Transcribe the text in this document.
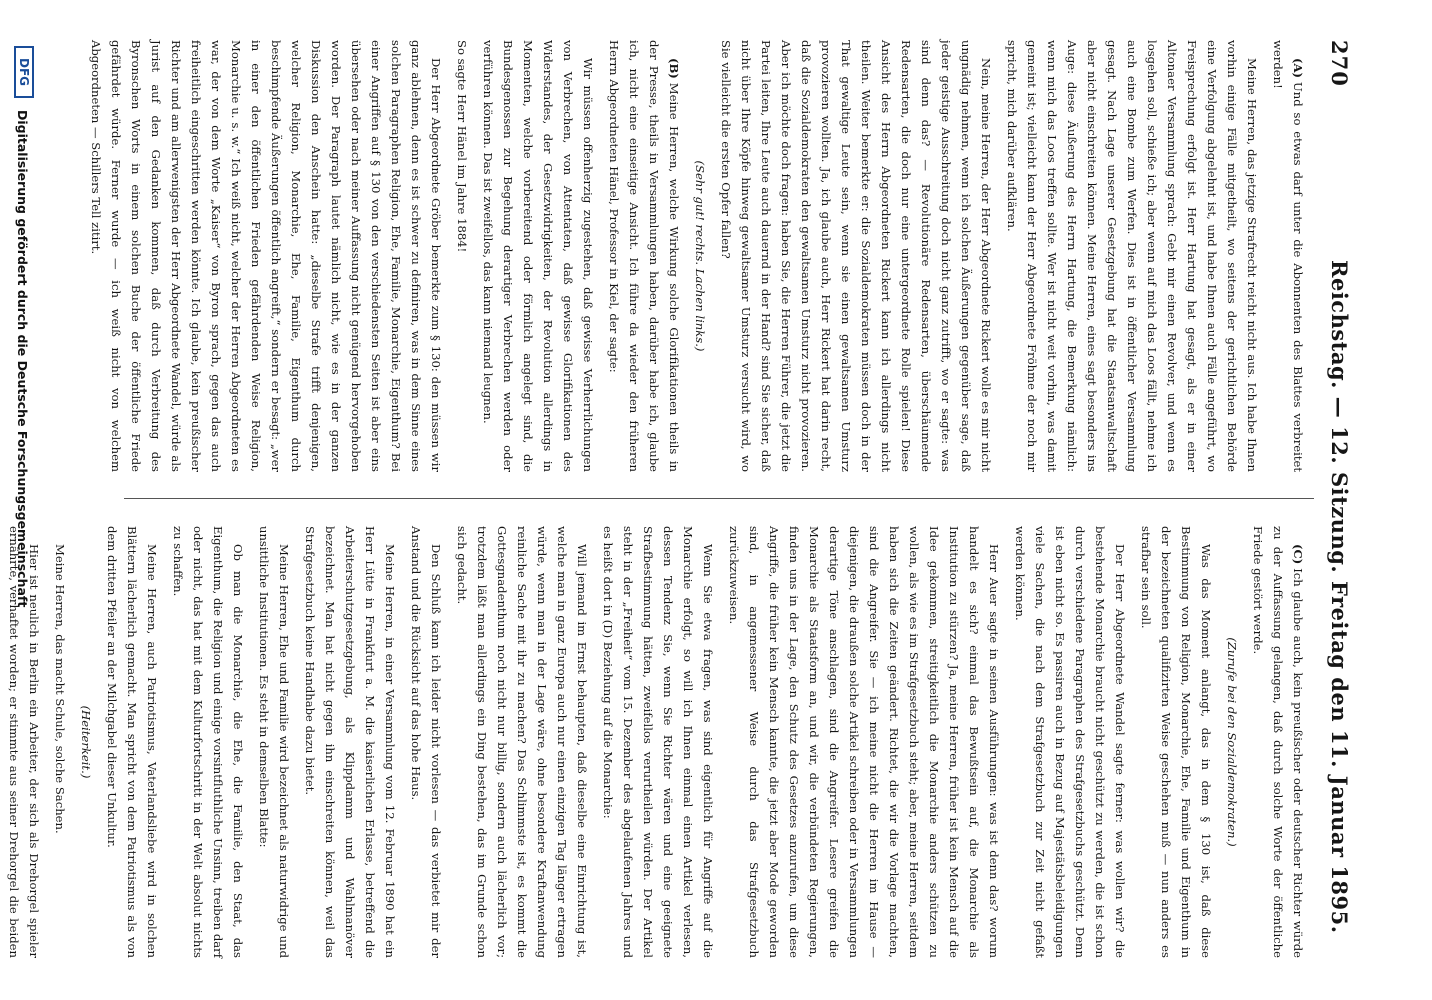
270
Reichstag. — 12. Sitzung. Freitag den 11. Januar 1895.

(A)Und so etwas darf unter die Abonnenten des Blattes verbreitet werden!

Meine Herren, das jetzige Strafrecht reicht nicht aus. Ich habe Ihnen vorhin einige Fälle mitgetheilt, wo seitens der gerichtlichen Behörde eine Verfolgung abgelehnt ist, und habe Ihnen auch Fälle angeführt, wo Freisprechung erfolgt ist. Herr Hartung hat gesagt, als er in einer Altonaer Versammlung sprach: Gebt mir einen Revolver, und wenn es losgehen soll, schieße ich; aber wenn auf mich das Loos fällt, nehme ich auch eine Bombe zum Werfen. Dies ist in öffentlicher Versammlung gesagt. Nach Lage unserer Gesetzgebung hat die Staatsanwaltschaft aber nicht einschreiten können. Meine Herren, eines sagt besonders ins Auge: diese Äußerung des Herrn Hartung, die Bemerkung nämlich: wenn mich das Loos treffen sollte. Wer ist nicht weit vorhin, was damit gemeint ist; vielleicht kann der Herr Abgeordnete Fröhme der noch mir spricht, mich darüber aufklären.

Nein, meine Herren, der Herr Abgeordnete Rickert wolle es mir nicht ungnädig nehmen, wenn ich solchen Äußerungen gegenüber sage, daß jeder geistige Ausschreitung doch nicht ganz zutrifft, wo er sagte: was sind denn das? — Revolutionäre Redensarten, überschäumende Redensarten, die doch nur eine untergeordnete Rolle spielen! Diese Ansicht des Herrn Abgeordneten Rickert kann ich allerdings nicht theilen. Weiter bemerkte er: die Sozialdemokraten müssen doch in der That gewaltige Leute sein, wenn sie einen gewaltsamen Umsturz provozieren wollten. Ja, ich glaube auch, Herr Rickert hat darin recht, daß die Sozialdemokraten den gewaltsamen Umsturz nicht provozieren. Aber ich möchte doch fragen: haben Sie, die Herren Führer, die jetzt die Partei leiten, Ihre Leute auch dauernd in der Hand? sind Sie sicher, daß nicht über Ihre Köpfe hinweg gewaltsamer Umsturz versucht wird, wo Sie vielleicht die ersten Opfer fallen?

(Sehr gut! rechts. Lachen links.)

(B)Meine Herren, welche Wirkung solche Glorifikationen theils in der Presse, theils in Versammlungen haben, darüber habe ich, glaube ich, nicht eine einseitige Ansicht. Ich führe da wieder den früheren Herrn Abgeordneten Hänel, Professor in Kiel, der sagte:

Wir müssen offenherzig zugestehen, daß gewisse Verherrlichungen von Verbrechen, von Attentaten, daß gewisse Glorifikationen des Widerstandes, der Gesetzwidrigkeiten, der Revolution allerdings in Momenten, welche vorbereitend oder förmlich angelegt sind, die Bundesgenossen zur Begehung derartiger Verbrechen werden oder verführen können. Das ist zweifellos, das kann niemand leugnen.

So sagte Herr Hänel im Jahre 1884!

Der Herr Abgeordnete Gröber bemerkte zum § 130: den müssen wir ganz ablehnen, denn es ist schwer zu definiren, was in dem Sinne eines solchen Paragraphen Religion, Ehe, Familie, Monarchie, Eigenthum? Bei einer Angriffen auf § 130 von den verschiedensten Seiten ist aber eins übersehen oder nach meiner Auffassung nicht genügend hervorgehoben worden. Der Paragraph lautet nämlich nicht, wie es in der ganzen Diskussion den Anschein hatte: „dieselbe Strafe trifft denjenigen, welcher Religion, Monarchie, Ehe, Familie, Eigenthum durch beschimpfende Äußerungen öffentlich angreift,“ sondern er besagt: „wer in einer den öffentlichen Frieden gefährdenden Weise Religion, Monarchie u. s. w.“ Ich weiß nicht, welcher der Herren Abgeordneten es war, der von dem Worte „Kaiser“ von Byron sprach, gegen das auch freiheitlich eingeschritten werden könnte. Ich glaube, kein preußischer Richter und am allerwenigsten der Herr Abgeordnete Wandel, würde als Jurist auf den Gedanken kommen, daß durch Verbreitung des Byronschen Worts in einem solchen Buche der öffentliche Friede gefährdet würde. Ferner wurde — ich weiß nicht von welchem Abgeordneten — Schillers Tell zitirt.

(C)Ich glaube auch, kein preußischer oder deutscher Richter würde zu der Auffassung gelangen, daß durch solche Worte der öffentliche Friede gestört werde.

(Zurufe bei den Sozialdemokraten.)

Was das Moment anlangt, das in dem § 130 ist, daß diese Bestimmung von Religion, Monarchie, Ehe, Familie und Eigenthum in der bezeichneten qualifizirten Weise geschehen muß — nun anders es strafbar sein soll.

Der Herr Abgeordnete Wandel sagte ferner: was wollen wir? die bestehende Monarchie braucht nicht geschützt zu werden, die ist schon durch verschiedene Paragraphen des Strafgesetzbuchs geschützt. Denn ist eben nicht so. Es passiren auch in Bezug auf Majestätsbeleidigungen viele Sachen, die nach dem Strafgesetzbuch zur Zeit nicht gefaßt werden können.

Herr Auer sagte in seinen Ausführungen: was ist denn das? worum handelt es sich? einmal das Bewußtsein auf, die Monarchie als Institution zu stürzen? Ja, meine Herren, früher ist kein Mensch auf die Idee gekommen, streitigkeitlich die Monarchie anders schützen zu wollen, als wie es im Strafgesetzbuch steht; aber, meine Herren, seitdem haben sich die Zeiten geändert. Richtet, die wir die Vorlage machten, sind die Angreifer. Sie — ich meine nicht die Herren im Hause — diejenigen, die draußen solche Artikel schreiben oder in Versammlungen derartige Töne anschlagen, sind die Angreifer. Lesere greifen die Monarchie als Staatsform an, und wir, die verbündeten Regierungen, finden uns in der Lage, den Schutz des Gesetzes anzurufen, um diese Angriffe, die früher kein Mensch kannte, die jetzt aber Mode geworden sind, in angemessener Weise durch das Strafgesetzbuch zurückzuweisen.

Wenn Sie etwa fragen, was sind eigentlich für Angriffe auf die Monarchie erfolgt, so will ich Ihnen einmal einen Artikel verlesen, dessen Tendenz Sie, wenn Sie Richter wären und eine geeignete Strafbestimmung hätten, zweifellos verurtheilen würden. Der Artikel steht in der „Freiheit“ vom 15. Dezember des abgelaufenen Jahres und es heißt dort in (D) Beziehung auf die Monarchie:

Will jemand im Ernst behaupten, daß dieselbe eine Einrichtung ist, welche man in ganz Europa auch nur einen einzigen Tag länger ertragen würde, wenn man in der Lage wäre, ohne besondere Kraftanwendung reinliche Sache mit ihr zu machen? Das Schlimmste ist, es kommt die Gottesgnadenthum noch nicht nur billig, sondern auch lächerlich vor; trotzdem läßt man allerdings ein Ding bestehen, das im Grunde schon sich gedacht.

Den Schluß kann ich leider nicht vorlesen — das verbietet mir der Anstand und die Rücksicht auf das hohe Haus.

Meine Herren, in einer Versammlung vom 12. Februar 1890 hat ein Herr Lütte in Frankfurt a. M. die kaiserlichen Erlasse, betreffend die Arbeiterschutzgesetzgebung, als Klippdamm und Wahlmanöver bezeichnet. Man hat nicht gegen ihn einschreiten können, weil das Strafgesetzbuch keine Handhabe dazu bietet.

Meine Herren, Ehe und Familie wird bezeichnet als naturwidrige und unsittliche Institutionen. Es steht in demselben Blatte:

Ob man die Monarchie, die Ehe, die Familie, den Staat, das Eigenthum, die Religion und einige vorsintfluthliche Unsinn, treiben darf oder nicht, das hat mit dem Kulturfortschritt in der Welt absolut nichts zu schaffen.

Meine Herren, auch Patriotismus, Vaterlandsliebe wird in solchen Blättern lächerlich gemacht. Man spricht von dem Patriotismus als von dem dritten Pfeiler an der Milchgabel dieser Unkultur.

(Heiterkeit.)

Meine Herren, das macht Schule, solche Sachen.

Hier ist neulich in Berlin ein Arbeiter, der sich als Drehorgel spieler ernährte, verhaftet worden; er stimmte aus seiner Drehorgel die beiden

DFG
Digitalisierung gefördert durch die Deutsche Forschungsgemeinschaft
